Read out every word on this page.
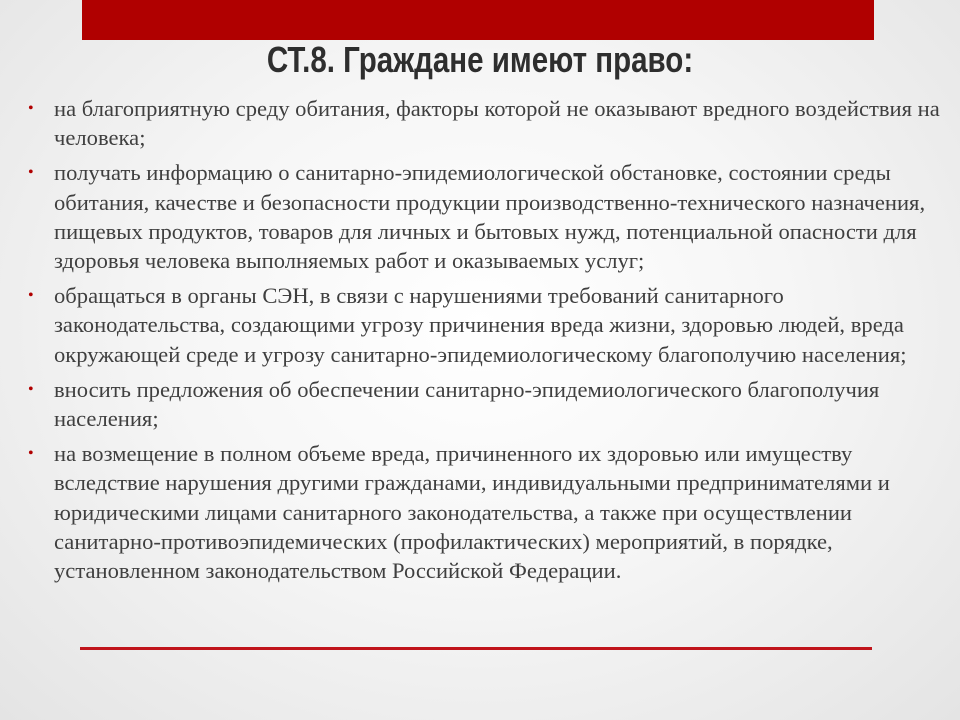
СТ.8. Граждане имеют право:
• на благоприятную среду обитания, факторы которой не оказывают вредного воздействия на человека;
• получать информацию о санитарно-эпидемиологической обстановке, состоянии среды обитания, качестве и безопасности продукции производственно-технического назначения, пищевых продуктов, товаров для личных и бытовых нужд, потенциальной опасности для здоровья человека выполняемых работ и оказываемых услуг;
• обращаться в органы СЭН, в связи с нарушениями требований санитарного законодательства, создающими угрозу причинения вреда жизни, здоровью людей, вреда окружающей среде и угрозу санитарно-эпидемиологическому благополучию населения;
• вносить предложения об обеспечении санитарно-эпидемиологического благополучия населения;
• на возмещение в полном объеме вреда, причиненного их здоровью или имуществу вследствие нарушения другими гражданами, индивидуальными предпринимателями и юридическими лицами санитарного законодательства, а также при осуществлении санитарно-противоэпидемических (профилактических) мероприятий, в порядке, установленном законодательством Российской Федерации.
